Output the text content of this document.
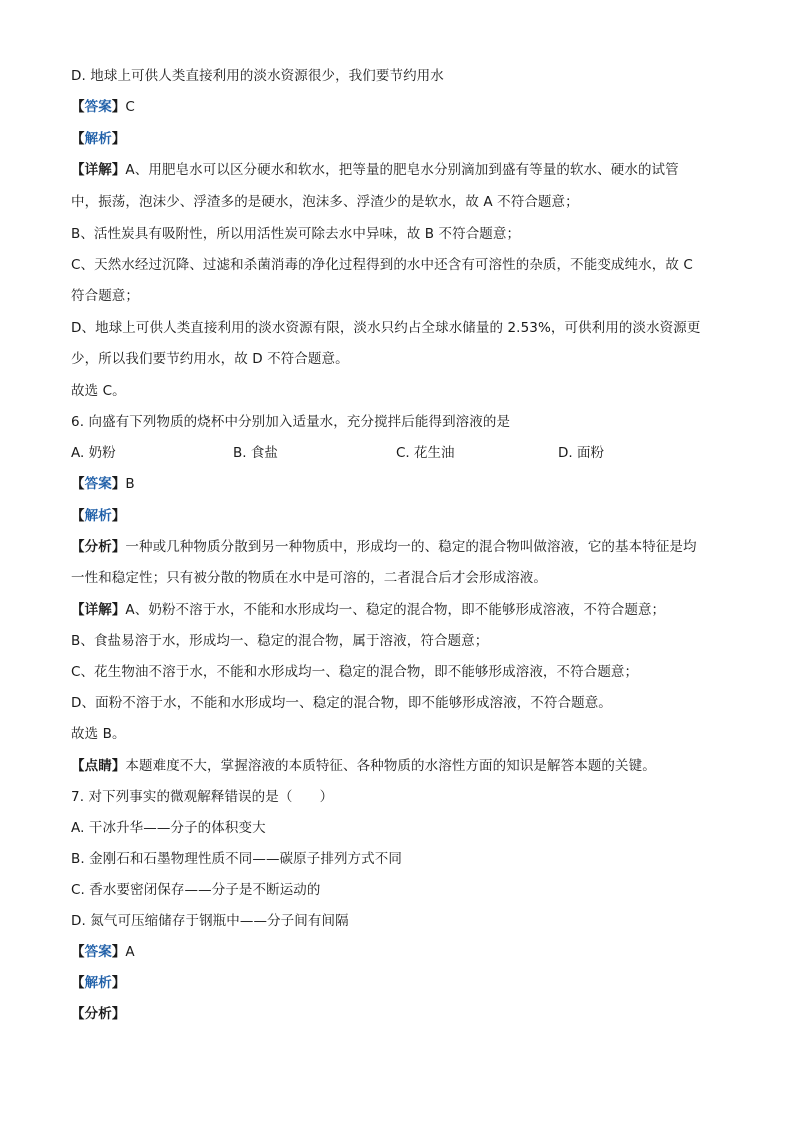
D. 地球上可供人类直接利用的淡水资源很少，我们要节约用水
【答案】C
【解析】
【详解】A、用肥皂水可以区分硬水和软水，把等量的肥皂水分别滴加到盛有等量的软水、硬水的试管
中，振荡，泡沫少、浮渣多的是硬水，泡沫多、浮渣少的是软水，故 A 不符合题意；
B、活性炭具有吸附性，所以用活性炭可除去水中异味，故 B 不符合题意；
C、天然水经过沉降、过滤和杀菌消毒的净化过程得到的水中还含有可溶性的杂质，不能变成纯水，故 C
符合题意；
D、地球上可供人类直接利用的淡水资源有限，淡水只约占全球水储量的 2.53%，可供利用的淡水资源更
少，所以我们要节约用水，故 D 不符合题意。
故选 C。
6. 向盛有下列物质的烧杯中分别加入适量水，充分搅拌后能得到溶液的是
A. 奶粉	B. 食盐	C. 花生油	D. 面粉
【答案】B
【解析】
【分析】一种或几种物质分散到另一种物质中，形成均一的、稳定的混合物叫做溶液，它的基本特征是均
一性和稳定性；只有被分散的物质在水中是可溶的，二者混合后才会形成溶液。
【详解】A、奶粉不溶于水，不能和水形成均一、稳定的混合物，即不能够形成溶液，不符合题意；
B、食盐易溶于水，形成均一、稳定的混合物，属于溶液，符合题意；
C、花生物油不溶于水，不能和水形成均一、稳定的混合物，即不能够形成溶液，不符合题意；
D、面粉不溶于水，不能和水形成均一、稳定的混合物，即不能够形成溶液，不符合题意。
故选 B。
【点睛】本题难度不大，掌握溶液的本质特征、各种物质的水溶性方面的知识是解答本题的关键。
7. 对下列事实的微观解释错误的是（　　）
A. 干冰升华——分子的体积变大
B. 金刚石和石墨物理性质不同——碳原子排列方式不同
C. 香水要密闭保存——分子是不断运动的
D. 氮气可压缩储存于钢瓶中——分子间有间隔
【答案】A
【解析】
【分析】
